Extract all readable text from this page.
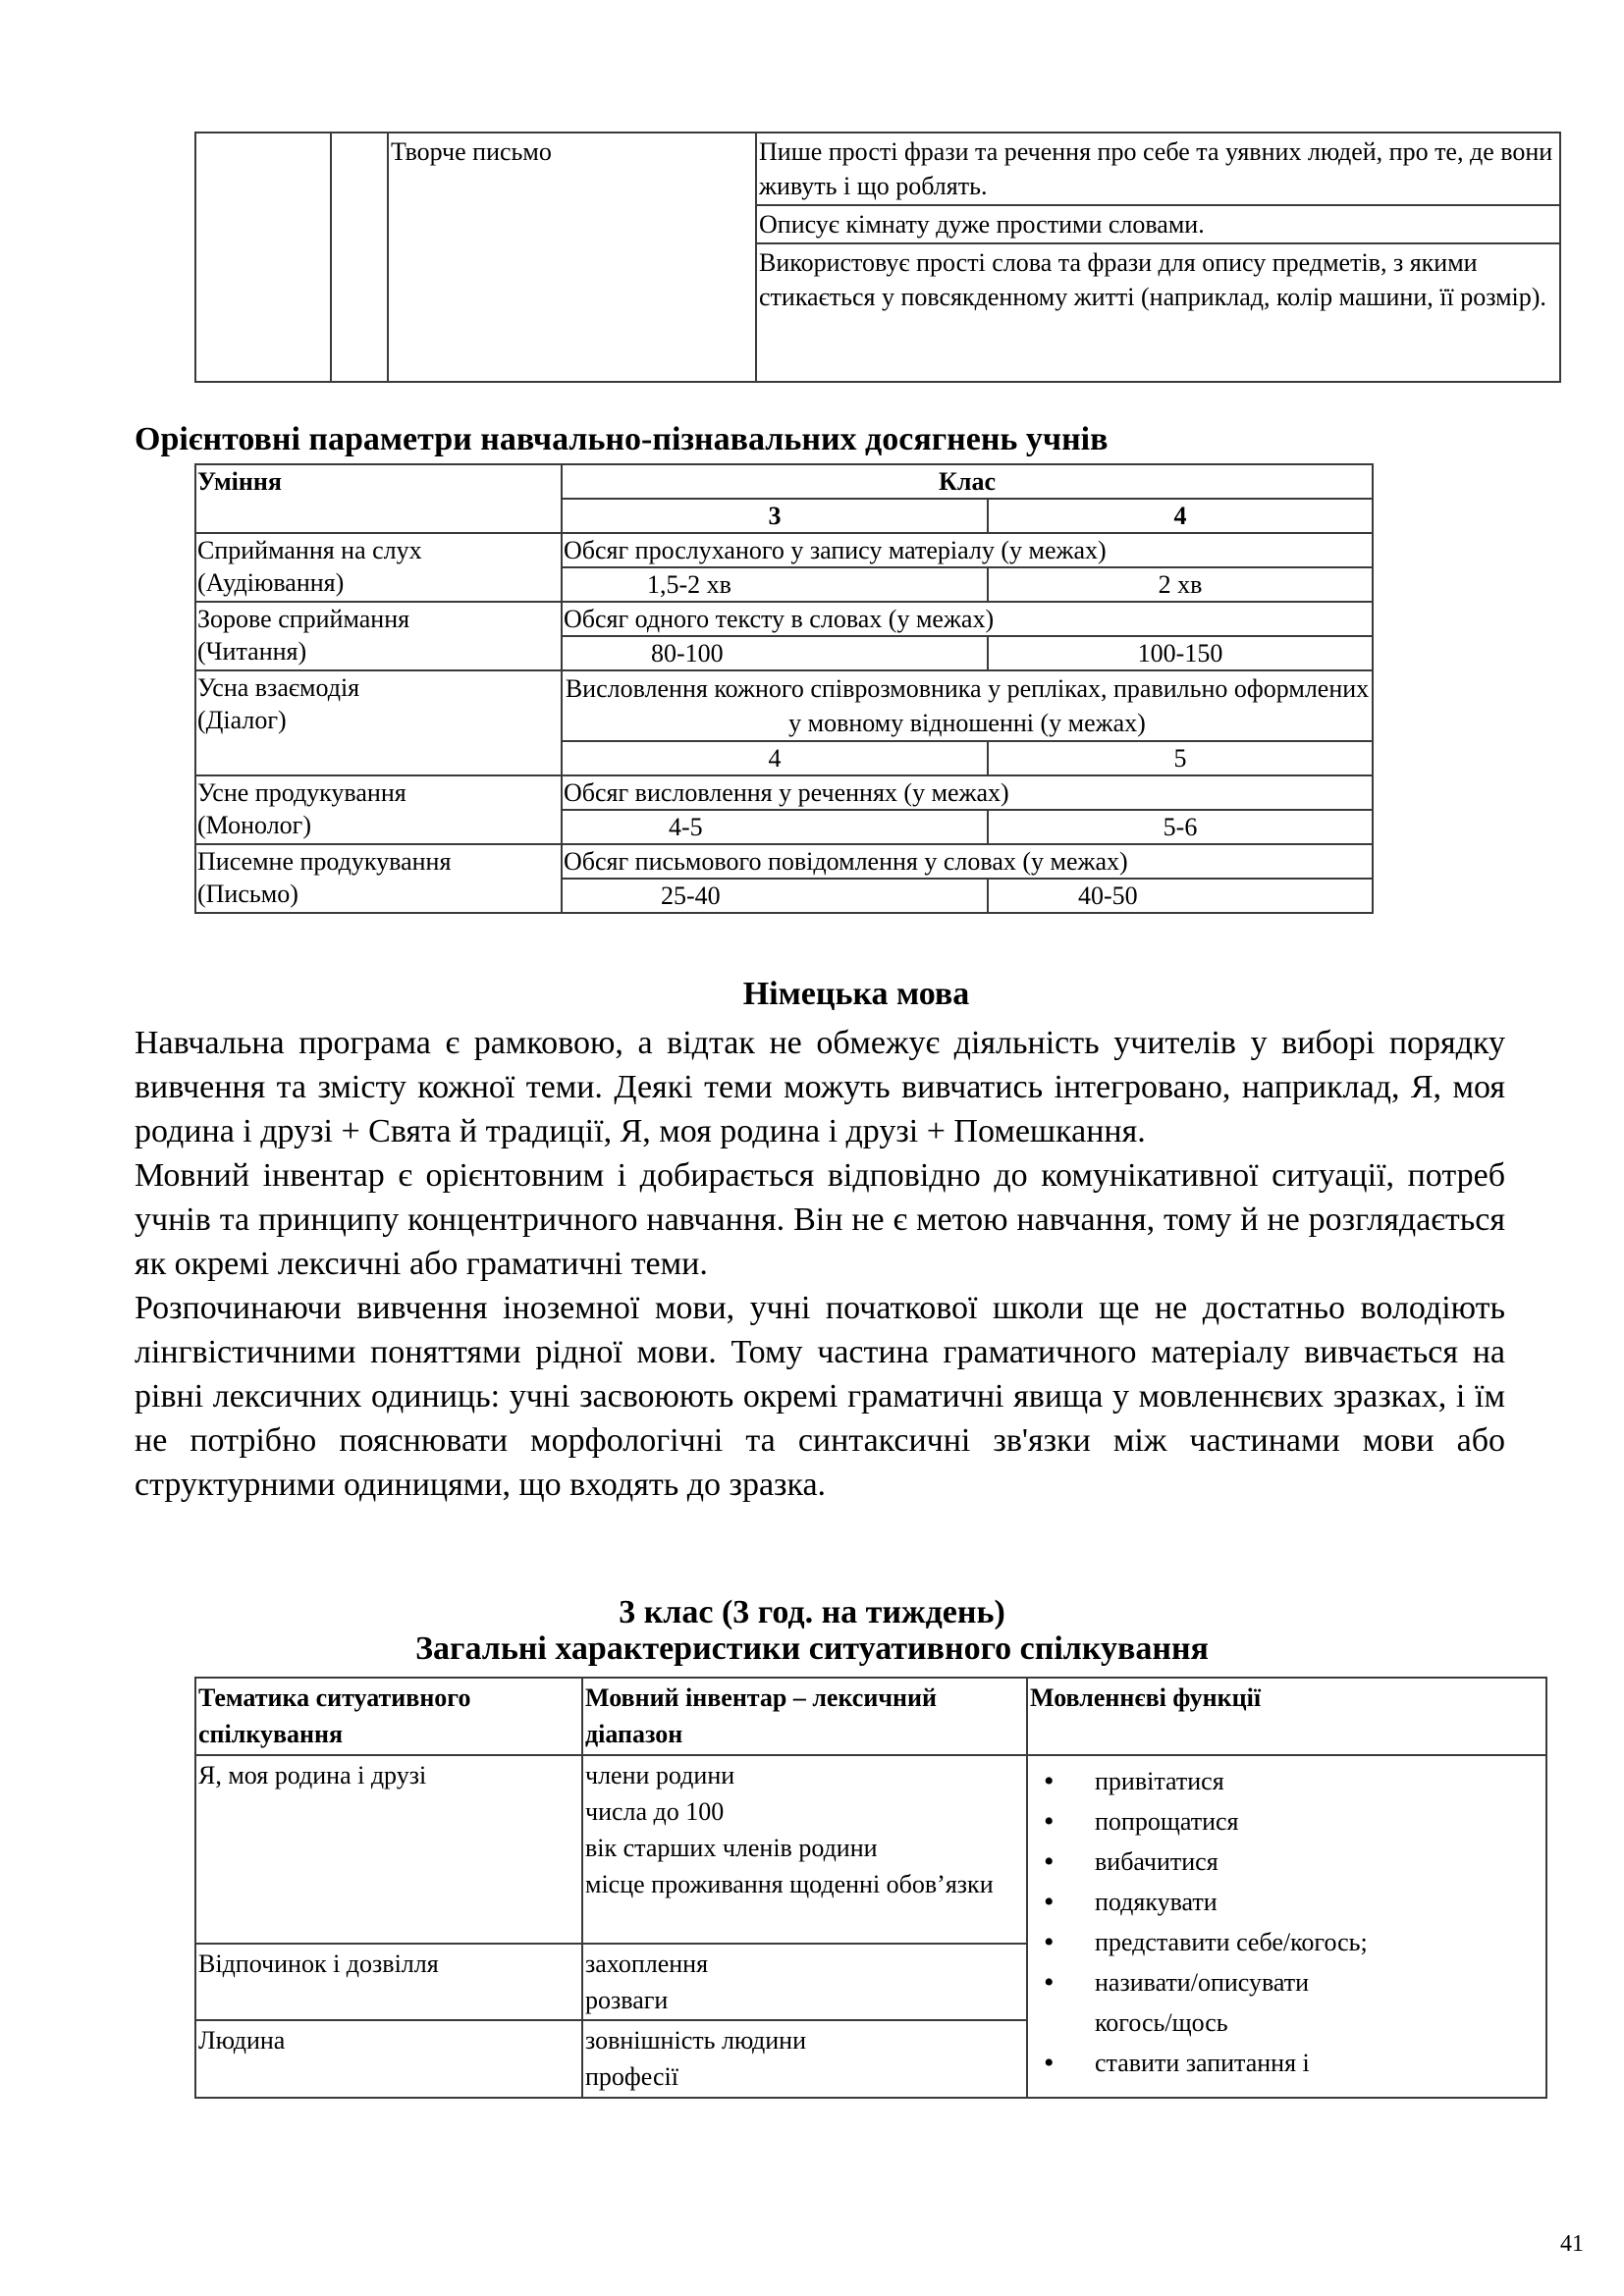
		Творче письмо	Пише прості фрази та речення про себе та уявних людей, про те, де вони живуть і що роблять.
Описує кімнату дуже простими словами.
Використовує прості слова та фрази для опису предметів, з якими стикається у повсякденному житті (наприклад, колір машини, її розмір).
Орієнтовні параметри навчально-пізнавальних досягнень учнів
Уміння	Клас	
	3	4

Сприймання на слух
(Аудіювання)	Обсяг прослуханого у запису матеріалу (у межах)	
	1,5-2 хв	2 хв

Зорове сприймання
(Читання)	Обсяг одного тексту в словах (у межах)	
	80-100	100-150

Усна взаємодія
(Діалог)	Висловлення кожного співрозмовника у репліках, правильно оформлених у мовному відношенні (у межах)	
	4	5

Усне продукування
(Монолог)	Обсяг висловлення у реченнях (у межах)	
	4-5	5-6

Писемне продукування
(Письмо)	Обсяг письмового повідомлення у словах (у межах)	
	25-40	40-50
Німецька мова

Навчальна програма є рамковою, а відтак не обмежує діяльність учителів у виборі порядку вивчення та змісту кожної теми. Деякі теми можуть вивчатись інтегровано, наприклад, Я, моя родина і друзі + Свята й традиції, Я, моя родина і друзі + Помешкання.

Мовний інвентар є орієнтовним і добирається відповідно до комунікативної ситуації, потреб учнів та принципу концентричного навчання. Він не є метою навчання, тому й не розглядається як окремі лексичні або граматичні теми.

Розпочинаючи вивчення іноземної мови, учні початкової школи ще не достатньо володіють лінгвістичними поняттями рідної мови. Тому частина граматичного матеріалу вивчається на рівні лексичних одиниць: учні засвоюють окремі граматичні явища у мовленнєвих зразках, і їм не потрібно пояснювати морфологічні та синтаксичні зв'язки між частинами мови або структурними одиницями, що входять до зразка.

3 клас (3 год. на тиждень)
Загальні характеристики ситуативного спілкування
Тематика ситуативного спілкування	Мовний інвентар – лексичний діапазон	Мовленнєві функції
Я, моя родина і друзі	члени родини
числа до 100
вік старших членів родини
місце проживання щоденні обов’язки

• привітатися
• попрощатися
• вибачитися
• подякувати
• представити себе/когось;
• називати/описувати когось/щось
• ставити запитання і

Відпочинок і дозвілля	захоплення
розваги	

Людина	зовнішність людини
професії	
41
